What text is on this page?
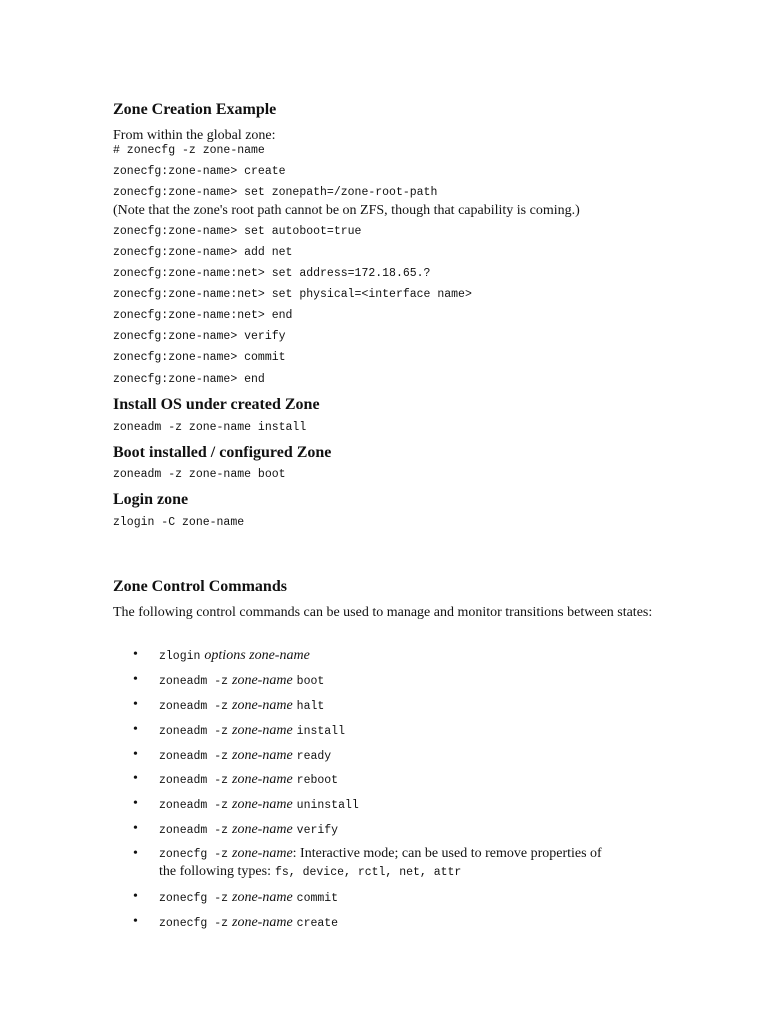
Zone Creation Example
From within the global zone:
# zonecfg -z zone-name
zonecfg:zone-name> create
zonecfg:zone-name> set zonepath=/zone-root-path
(Note that the zone's root path cannot be on ZFS, though that capability is coming.)
zonecfg:zone-name> set autoboot=true
zonecfg:zone-name> add net
zonecfg:zone-name:net> set address=172.18.65.?
zonecfg:zone-name:net> set physical=<interface name>
zonecfg:zone-name:net> end
zonecfg:zone-name> verify
zonecfg:zone-name> commit
zonecfg:zone-name> end
Install OS under created Zone
zoneadm -z zone-name install
Boot installed / configured Zone
zoneadm -z zone-name boot
Login zone
zlogin -C zone-name
Zone Control Commands
The following control commands can be used to manage and monitor transitions between states:
• zlogin options zone-name
• zoneadm -z zone-name boot
• zoneadm -z zone-name halt
• zoneadm -z zone-name install
• zoneadm -z zone-name ready
• zoneadm -z zone-name reboot
• zoneadm -z zone-name uninstall
• zoneadm -z zone-name verify
• zonecfg -z zone-name: Interactive mode; can be used to remove properties of
the following types: fs, device, rctl, net, attr
• zonecfg -z zone-name commit
• zonecfg -z zone-name create
